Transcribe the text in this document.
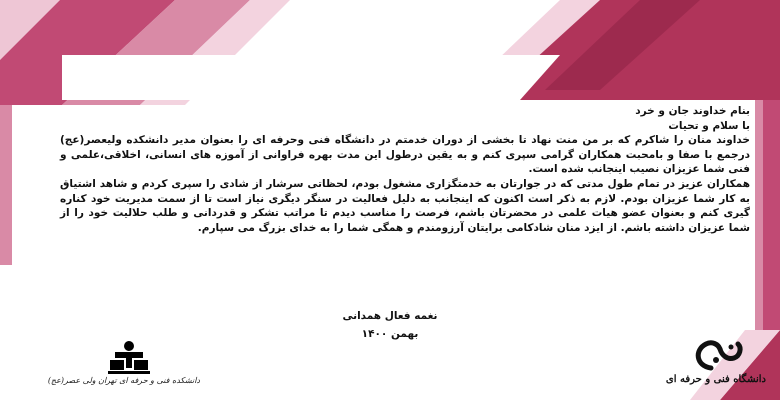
بنام خداوند جان و خرد

با سلام و تحیات

خداوند منان را شاکرم که بر من منت نهاد تا بخشی از دوران خدمتم در دانشگاه فنی وحرفه ای را بعنوان مدیر دانشکده ولیعصر(عج) درجمع با صفا و بامحبت همکاران گرامی سپری کنم و به یقین درطول این مدت بهره فراوانی از آموزه های انسانی، اخلاقی،علمی و فنی شما عزیزان نصیب اینجانب شده است.

همکاران عزیز در تمام طول مدتی که در جوارتان به خدمتگزاری مشغول بودم، لحظاتی سرشار از شادی را سپری کردم و شاهد اشتیاق به کار شما عزیزان بودم. لازم به ذکر است اکنون که اینجانب به دلیل فعالیت در سنگر دیگری نیاز است تا از سمت مدیریت خود کناره گیری کنم و بعنوان عضو هیات علمی در محضرتان باشم، فرصت را مناسب دیدم تا مراتب تشکر و قدردانی و طلب حلالیت خود را از شما عزیزان داشته باشم. از ایزد منان شادکامی برایتان آرزومندم و همگی شما را به خدای بزرگ می سپارم.

نغمه فعال همدانی
بهمن ۱۴۰۰
دانشکده فنی و حرفه ای تهران ولی عصر(عج)	دانشگاه فنی و حرفه ای
